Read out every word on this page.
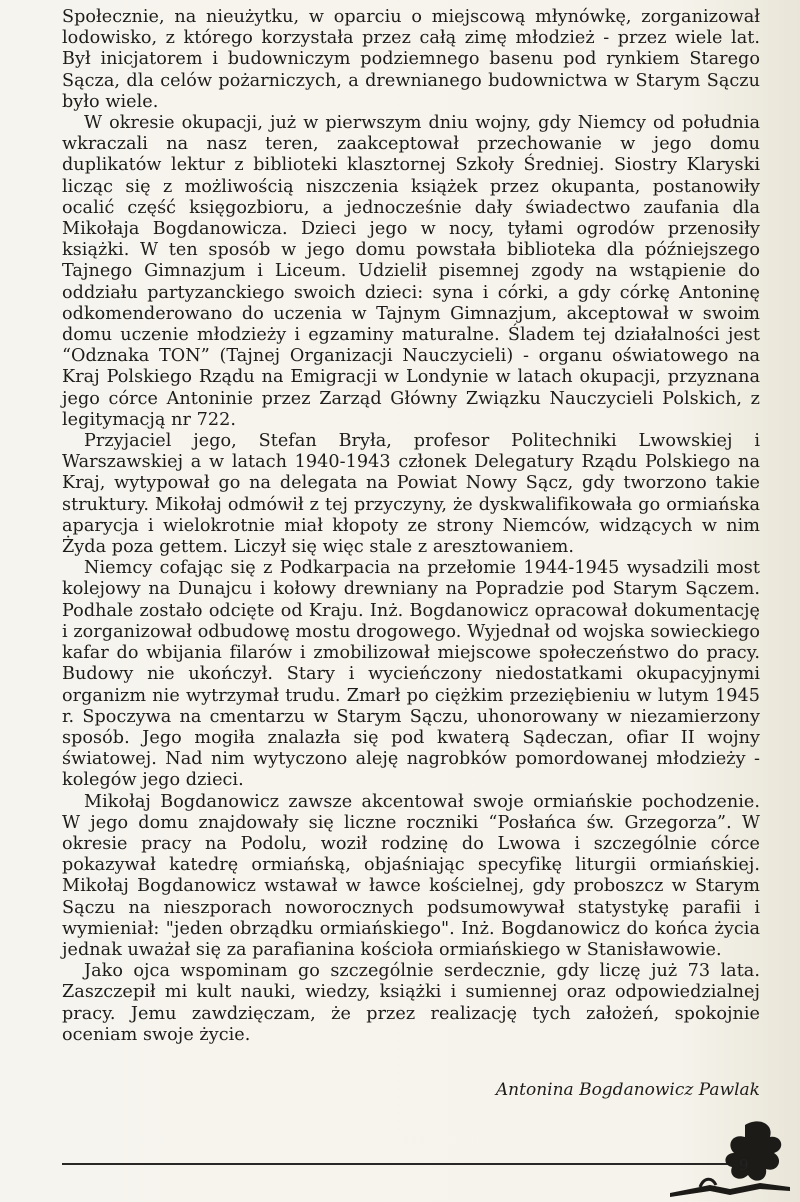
Społecznie, na nieużytku, w oparciu o miejscową młynówkę, zorganizował lodowisko, z którego korzystała przez całą zimę młodzież - przez wiele lat. Był inicjatorem i budowniczym podziemnego basenu pod rynkiem Starego Sącza, dla celów pożarniczych, a drewnianego budownictwa w Starym Sączu było wiele.

W okresie okupacji, już w pierwszym dniu wojny, gdy Niemcy od południa wkraczali na nasz teren, zaakceptował przechowanie w jego domu duplikatów lektur z biblioteki klasztornej Szkoły Średniej. Siostry Klaryski licząc się z możliwością niszczenia książek przez okupanta, postanowiły ocalić część księgozbioru, a jednocześnie dały świadectwo zaufania dla Mikołaja Bogdanowicza. Dzieci jego w nocy, tyłami ogrodów przenosiły książki. W ten sposób w jego domu powstała biblioteka dla późniejszego Tajnego Gimnazjum i Liceum. Udzielił pisemnej zgody na wstąpienie do oddziału partyzanckiego swoich dzieci: syna i córki, a gdy córkę Antoninę odkomenderowano do uczenia w Tajnym Gimnazjum, akceptował w swoim domu uczenie młodzieży i egzaminy maturalne. Śladem tej działalności jest “Odznaka TON” (Tajnej Organizacji Nauczycieli) - organu oświatowego na Kraj Polskiego Rządu na Emigracji w Londynie w latach okupacji, przyznana jego córce Antoninie przez Zarząd Główny Związku Nauczycieli Polskich, z legitymacją nr 722.

Przyjaciel jego, Stefan Bryła, profesor Politechniki Lwowskiej i Warszawskiej a w latach 1940-1943 członek Delegatury Rządu Polskiego na Kraj, wytypował go na delegata na Powiat Nowy Sącz, gdy tworzono takie struktury. Mikołaj odmówił z tej przyczyny, że dyskwalifikowała go ormiańska aparycja i wielokrotnie miał kłopoty ze strony Niemców, widzących w nim Żyda poza gettem. Liczył się więc stale z aresztowaniem.

Niemcy cofając się z Podkarpacia na przełomie 1944-1945 wysadzili most kolejowy na Dunajcu i kołowy drewniany na Popradzie pod Starym Sączem. Podhale zostało odcięte od Kraju. Inż. Bogdanowicz opracował dokumentację i zorganizował odbudowę mostu drogowego. Wyjednał od wojska sowieckiego kafar do wbijania filarów i zmobilizował miejscowe społeczeństwo do pracy. Budowy nie ukończył. Stary i wycieńczony niedostatkami okupacyjnymi organizm nie wytrzymał trudu. Zmarł po ciężkim przeziębieniu w lutym 1945 r. Spoczywa na cmentarzu w Starym Sączu, uhonorowany w niezamierzony sposób. Jego mogiła znalazła się pod kwaterą Sądeczan, ofiar II wojny światowej. Nad nim wytyczono aleję nagrobków pomordowanej młodzieży - kolegów jego dzieci.

Mikołaj Bogdanowicz zawsze akcentował swoje ormiańskie pochodzenie. W jego domu znajdowały się liczne roczniki “Posłańca św. Grzegorza”. W okresie pracy na Podolu, woził rodzinę do Lwowa i szczególnie córce pokazywał katedrę ormiańską, objaśniając specyfikę liturgii ormiańskiej. Mikołaj Bogdanowicz wstawał w ławce kościelnej, gdy proboszcz w Starym Sączu na nieszporach noworocznych podsumowywał statystykę parafii i wymieniał: "jeden obrządku ormiańskiego". Inż. Bogdanowicz do końca życia jednak uważał się za parafianina kościoła ormiańskiego w Stanisławowie.

Jako ojca wspominam go szczególnie serdecznie, gdy liczę już 73 lata. Zaszczepił mi kult nauki, wiedzy, książki i sumiennej oraz odpowiedzialnej pracy. Jemu zawdzięczam, że przez realizację tych założeń, spokojnie oceniam swoje życie.

Antonina Bogdanowicz Pawlak
9
